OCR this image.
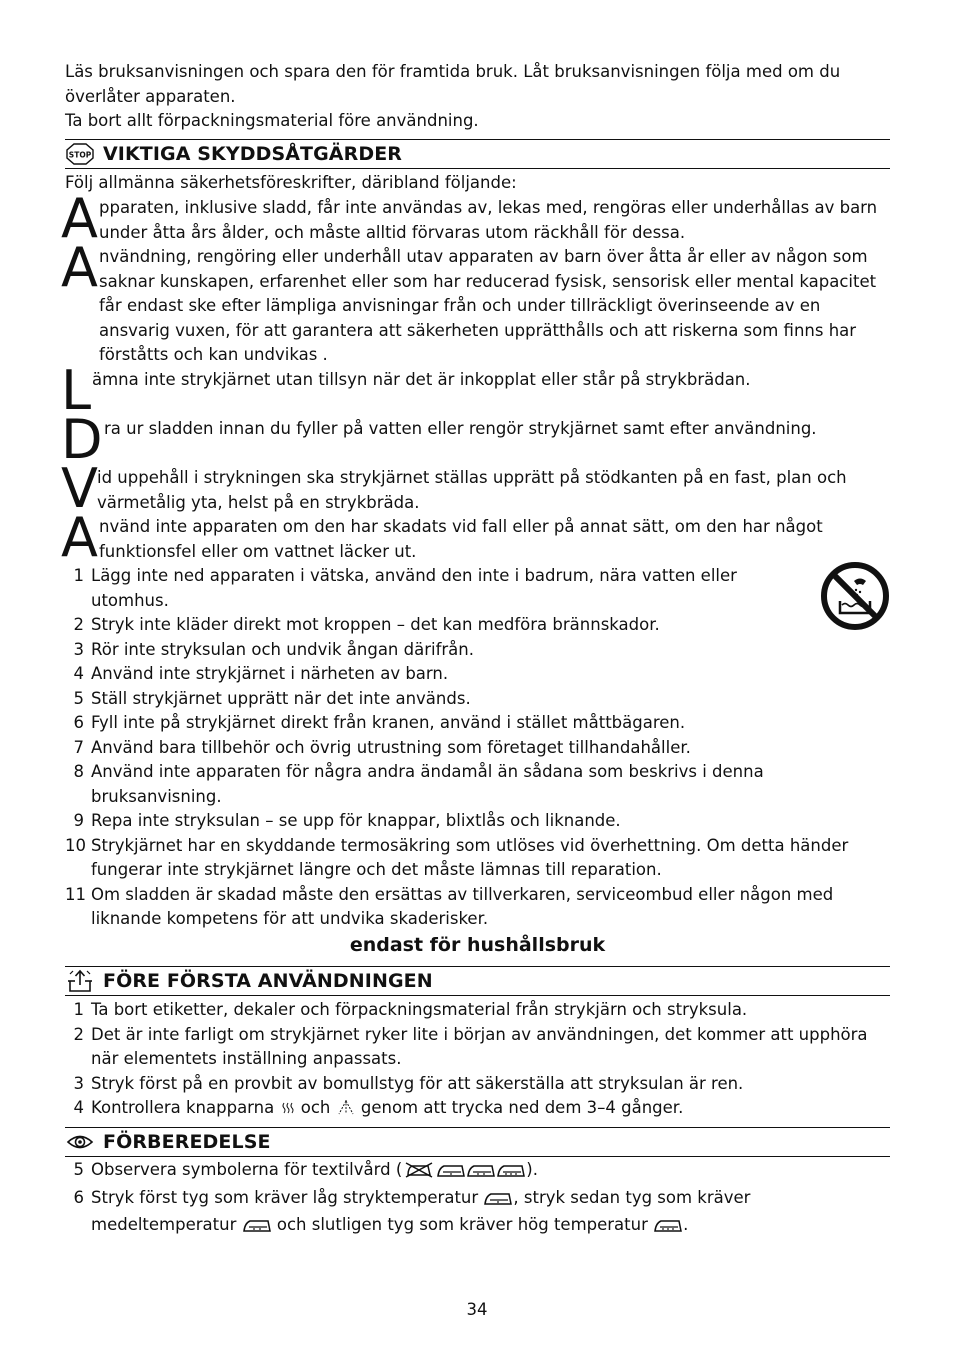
Läs bruksanvisningen och spara den för framtida bruk. Låt bruksanvisningen följa med om du överlåter apparaten.
Ta bort allt förpackningsmaterial före användning.
STOP VIKTIGA SKYDDSÅTGÄRDER
Följ allmänna säkerhetsföreskrifter, däribland följande:
A pparaten, inklusive sladd, får inte användas av, lekas med, rengöras eller underhållas av barn under åtta års ålder, och måste alltid förvaras utom räckhåll för dessa.
A nvändning, rengöring eller underhåll utav apparaten av barn över åtta år eller av någon som saknar kunskapen, erfarenhet eller som har reducerad fysisk, sensorisk eller mental kapacitet får endast ske efter lämpliga anvisningar från och under tillräckligt överinseende av en ansvarig vuxen, för att garantera att säkerheten upprätthålls och att riskerna som finns har förståtts och kan undvikas .
L ämna inte strykjärnet utan tillsyn när det är inkopplat eller står på strykbrädan.
D ra ur sladden innan du fyller på vatten eller rengör strykjärnet samt efter användning.
V id uppehåll i strykningen ska strykjärnet ställas upprätt på stödkanten på en fast, plan och värmetålig yta, helst på en strykbräda.
A nvänd inte apparaten om den har skadats vid fall eller på annat sätt, om den har något funktionsfel eller om vattnet läcker ut.
1 Lägg inte ned apparaten i vätska, använd den inte i badrum, nära vatten eller utomhus.
2 Stryk inte kläder direkt mot kroppen – det kan medföra brännskador.
3 Rör inte stryksulan och undvik ångan därifrån.
4 Använd inte strykjärnet i närheten av barn.
5 Ställ strykjärnet upprätt när det inte används.
6 Fyll inte på strykjärnet direkt från kranen, använd i stället måttbägaren.
7 Använd bara tillbehör och övrig utrustning som företaget tillhandahåller.
8 Använd inte apparaten för några andra ändamål än sådana som beskrivs i denna bruksanvisning.
9 Repa inte stryksulan – se upp för knappar, blixtlås och liknande.
10 Strykjärnet har en skyddande termosäkring som utlöses vid överhettning. Om detta händer fungerar inte strykjärnet längre och det måste lämnas till reparation.
11 Om sladden är skadad måste den ersättas av tillverkaren, serviceombud eller någon med liknande kompetens för att undvika skaderisker.
endast för hushållsbruk
FÖRE FÖRSTA ANVÄNDNINGEN
1 Ta bort etiketter, dekaler och förpackningsmaterial från strykjärn och stryksula.
2 Det är inte farligt om strykjärnet ryker lite i början av användningen, det kommer att upphöra när elementets inställning anpassats.
3 Stryk först på en provbit av bomullstyg för att säkerställa att stryksulan är ren.
4 Kontrollera knapparna och genom att trycka ned dem 3–4 gånger.
FÖRBEREDELSE
5 Observera symbolerna för textilvård (	).
6 Stryk först tyg som kräver låg stryktemperatur , stryk sedan tyg som kräver medeltemperatur och slutligen tyg som kräver hög temperatur .
34
